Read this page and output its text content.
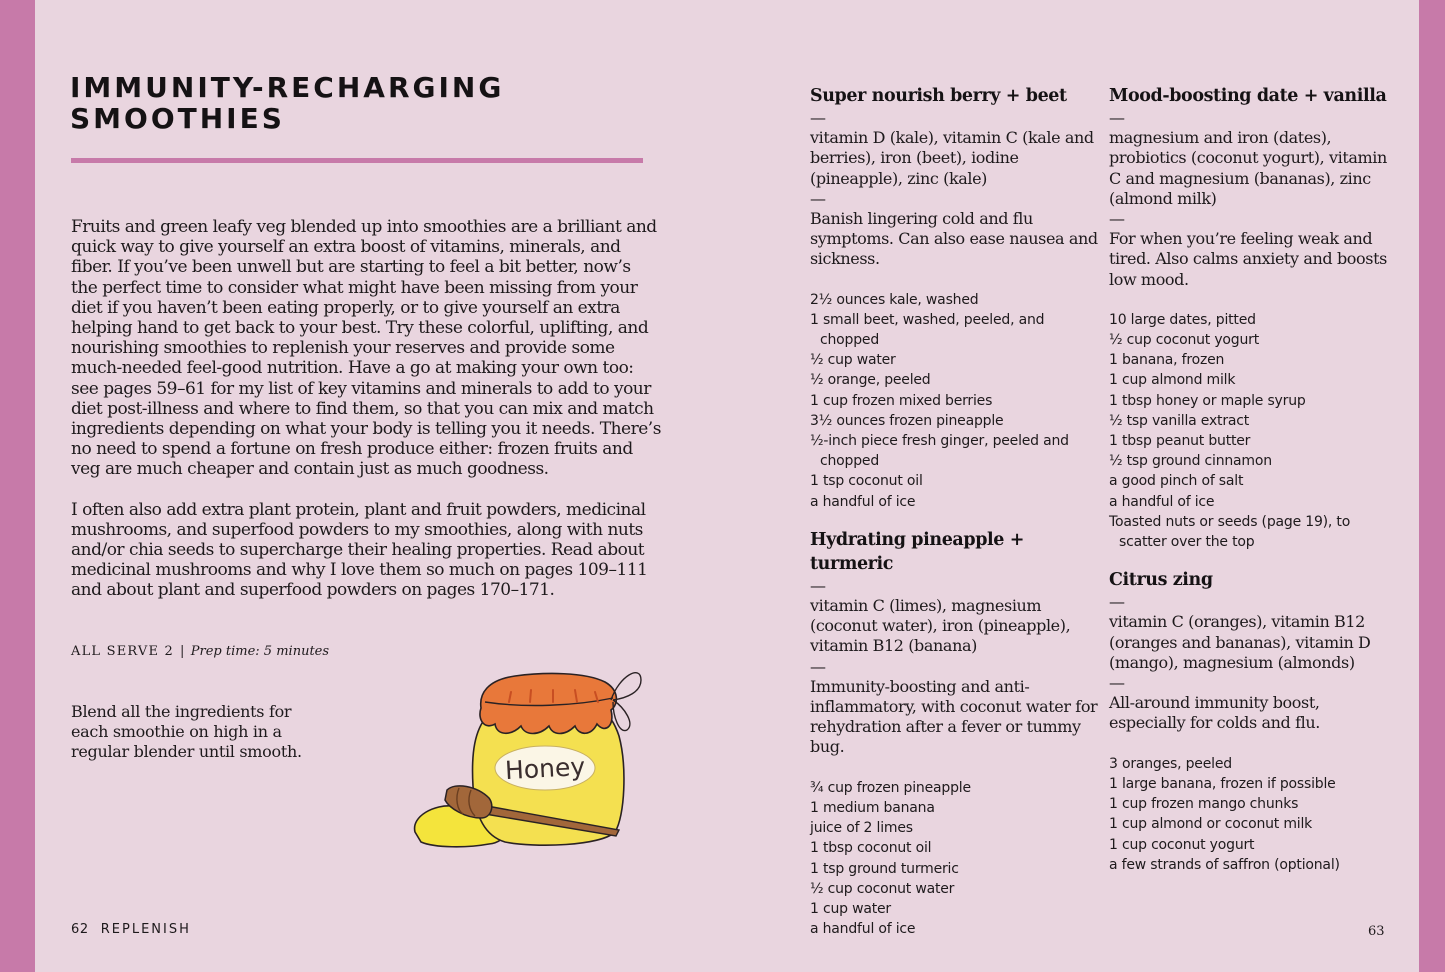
IMMUNITY-RECHARGING
SMOOTHIES

Fruits and green leafy veg blended up into smoothies are a brilliant and quick way to give yourself an extra boost of vitamins, minerals, and fiber. If you’ve been unwell but are starting to feel a bit better, now’s the perfect time to consider what might have been missing from your diet if you haven’t been eating properly, or to give yourself an extra helping hand to get back to your best. Try these colorful, uplifting, and nourishing smoothies to replenish your reserves and provide some much-needed feel-good nutrition. Have a go at making your own too: see pages 59–61 for my list of key vitamins and minerals to add to your diet post-illness and where to find them, so that you can mix and match ingredients depending on what your body is telling you it needs. There’s no need to spend a fortune on fresh produce either: frozen fruits and veg are much cheaper and contain just as much goodness.

I often also add extra plant protein, plant and fruit powders, medicinal mushrooms, and superfood powders to my smoothies, along with nuts and/or chia seeds to supercharge their healing properties. Read about medicinal mushrooms and why I love them so much on pages 109–111 and about plant and superfood powders on pages 170–171.

ALL SERVE 2 | Prep time: 5 minutes

Blend all the ingredients for each smoothie on high in a regular blender until smooth.

Honey
62 REPLENISH
Super nourish berry + beet

—

vitamin D (kale), vitamin C (kale and berries), iron (beet), iodine (pineapple), zinc (kale)

—

Banish lingering cold and flu symptoms. Can also ease nausea and sickness.

2½ ounces kale, washed
1 small beet, washed, peeled, and chopped
½ cup water
½ orange, peeled
1 cup frozen mixed berries
3½ ounces frozen pineapple
½-inch piece fresh ginger, peeled and chopped
1 tsp coconut oil
a handful of ice
Hydrating pineapple + turmeric

—

vitamin C (limes), magnesium (coconut water), iron (pineapple), vitamin B12 (banana)

—

Immunity-boosting and anti-inflammatory, with coconut water for rehydration after a fever or tummy bug.

¾ cup frozen pineapple
1 medium banana
juice of 2 limes
1 tbsp coconut oil
1 tsp ground turmeric
½ cup coconut water
1 cup water
a handful of ice
Mood-boosting date + vanilla

—

magnesium and iron (dates), probiotics (coconut yogurt), vitamin C and magnesium (bananas), zinc (almond milk)

—

For when you’re feeling weak and tired. Also calms anxiety and boosts low mood.

10 large dates, pitted
½ cup coconut yogurt
1 banana, frozen
1 cup almond milk
1 tbsp honey or maple syrup
½ tsp vanilla extract
1 tbsp peanut butter
½ tsp ground cinnamon
a good pinch of salt
a handful of ice
Toasted nuts or seeds (page 19), to scatter over the top
Citrus zing

—

vitamin C (oranges), vitamin B12 (oranges and bananas), vitamin D (mango), magnesium (almonds)

—

All-around immunity boost, especially for colds and flu.

3 oranges, peeled
1 large banana, frozen if possible
1 cup frozen mango chunks
1 cup almond or coconut milk
1 cup coconut yogurt
a few strands of saffron (optional)
63
